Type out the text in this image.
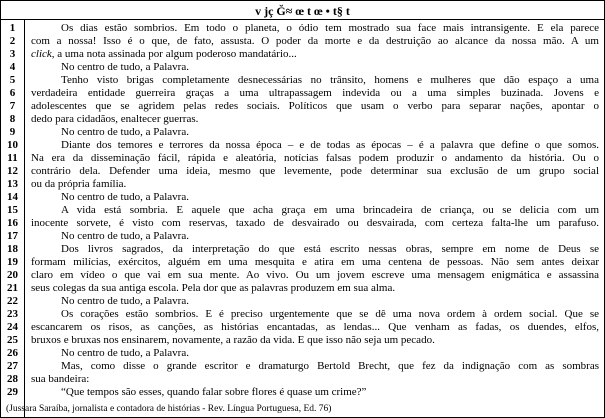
v jç Ğ≈ œ t œ • t§ t
1
2
3
4
5
6
7
8
9
10
11
12
13
14
15
16
17
18
19
20
21
22
23
24
25
26
27
28
29
Os dias estão sombrios. Em todo o planeta, o ódio tem mostrado sua face mais intransigente. E ela parece
com a nossa! Isso é o que, de fato, assusta. O poder da morte e da destruição ao alcance da nossa mão. A um
click, a uma nota assinada por algum poderoso mandatário...
No centro de tudo, a Palavra.
Tenho visto brigas completamente desnecessárias no trânsito, homens e mulheres que dão espaço a uma
verdadeira entidade guerreira graças a uma ultrapassagem indevida ou a uma simples buzinada. Jovens e
adolescentes que se agridem pelas redes sociais. Políticos que usam o verbo para separar nações, apontar o
dedo para cidadãos, enaltecer guerras.
No centro de tudo, a Palavra.
Diante dos temores e terrores da nossa época – e de todas as épocas – é a palavra que define o que somos.
Na era da disseminação fácil, rápida e aleatória, notícias falsas podem produzir o andamento da história. Ou o
contrário dela. Defender uma ideia, mesmo que levemente, pode determinar sua exclusão de um grupo social
ou da própria família.
No centro de tudo, a Palavra.
A vida está sombria. E aquele que acha graça em uma brincadeira de criança, ou se delicia com um
inocente sorvete, é visto com reservas, taxado de desvairado ou desvairada, com certeza falta-lhe um parafuso.
No centro de tudo, a Palavra.
Dos livros sagrados, da interpretação do que está escrito nessas obras, sempre em nome de Deus se
formam milícias, exércitos, alguém em uma mesquita e atira em uma centena de pessoas. Não sem antes deixar
claro em vídeo o que vai em sua mente. Ao vivo. Ou um jovem escreve uma mensagem enigmática e assassina
seus colegas da sua antiga escola. Pela dor que as palavras produzem em sua alma.
No centro de tudo, a Palavra.
Os corações estão sombrios. E é preciso urgentemente que se dê uma nova ordem à ordem social. Que se
escancarem os risos, as canções, as histórias encantadas, as lendas... Que venham as fadas, os duendes, elfos,
bruxos e bruxas nos ensinarem, novamente, a razão da vida. E que isso não seja um pecado.
No centro de tudo, a Palavra.
Mas, como disse o grande escritor e dramaturgo Bertold Brecht, que fez da indignação com as sombras
sua bandeira:
“Que tempos são esses, quando falar sobre flores é quase um crime?”
(Jussara Saraíba, jornalista e contadora de histórias - Rev. Língua Portuguesa, Ed. 76)
